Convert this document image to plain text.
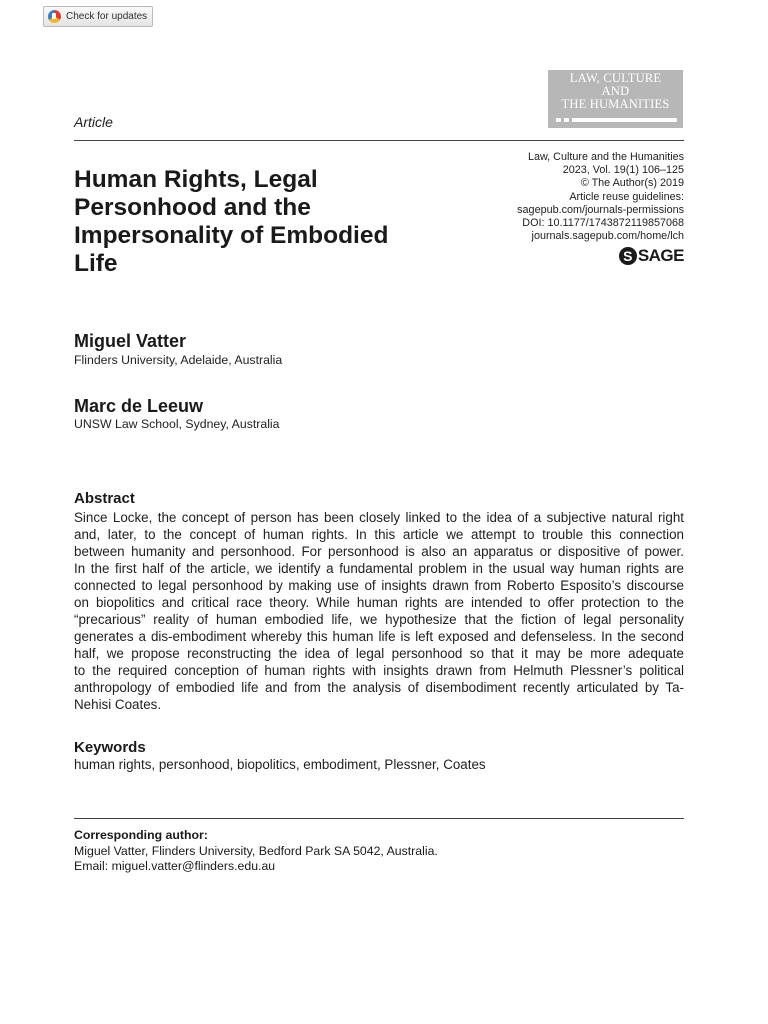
Check for updates
LAW, CULTURE
AND
THE HUMANITIES
Article
Human Rights, Legal
Personhood and the
Impersonality of Embodied
Life
Law, Culture and the Humanities
2023, Vol. 19(1) 106–125
© The Author(s) 2019
Article reuse guidelines:
sagepub.com/journals-permissions
DOI: 10.1177/1743872119857068
journals.sagepub.com/home/lch
S SAGE
Miguel Vatter
Flinders University, Adelaide, Australia
Marc de Leeuw
UNSW Law School, Sydney, Australia
Abstract
Since Locke, the concept of person has been closely linked to the idea of a subjective natural right
and, later, to the concept of human rights. In this article we attempt to trouble this connection
between humanity and personhood. For personhood is also an apparatus or dispositive of power.
In the first half of the article, we identify a fundamental problem in the usual way human rights are
connected to legal personhood by making use of insights drawn from Roberto Esposito’s discourse
on biopolitics and critical race theory. While human rights are intended to offer protection to the
“precarious” reality of human embodied life, we hypothesize that the fiction of legal personality
generates a dis-embodiment whereby this human life is left exposed and defenseless. In the second
half, we propose reconstructing the idea of legal personhood so that it may be more adequate
to the required conception of human rights with insights drawn from Helmuth Plessner’s political
anthropology of embodied life and from the analysis of disembodiment recently articulated by Ta-
Nehisi Coates.
Keywords
human rights, personhood, biopolitics, embodiment, Plessner, Coates
Corresponding author:
Miguel Vatter, Flinders University, Bedford Park SA 5042, Australia.
Email: miguel.vatter@flinders.edu.au
